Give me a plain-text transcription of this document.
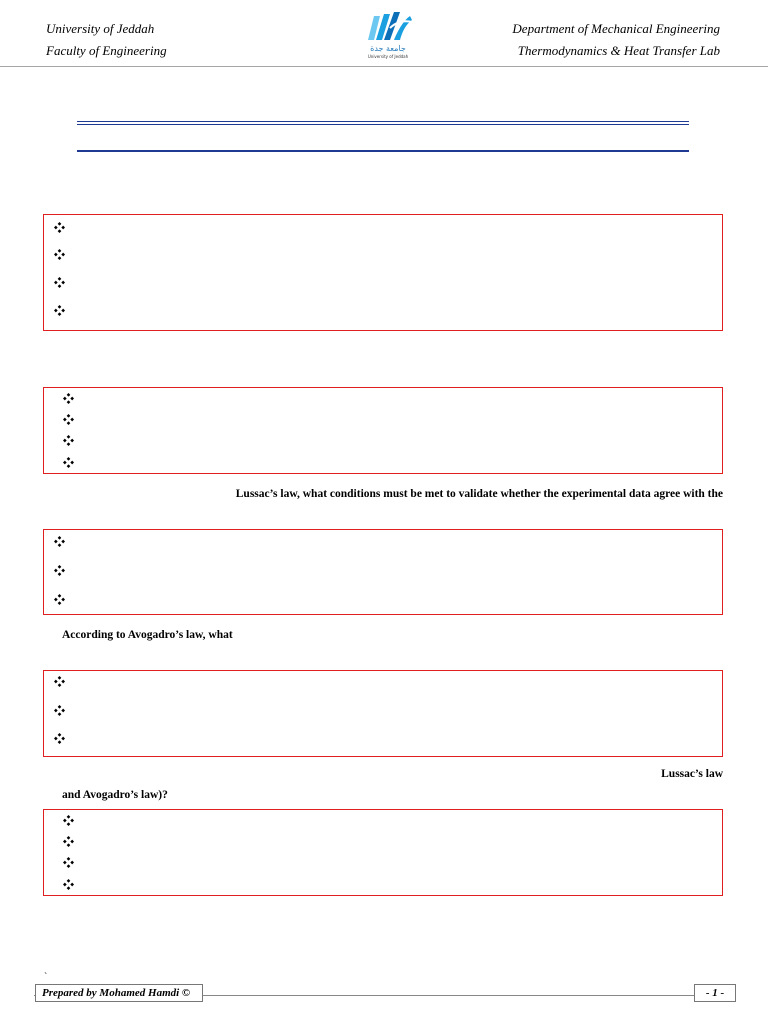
University of Jeddah
Faculty of Engineering	جامعة جدة
University of Jeddah
Department of Mechanical Engineering
Thermodynamics & Heat Transfer Lab
Lussac’s law, what conditions must be met to validate whether the experimental data agree with the
According to Avogadro’s law, what
Lussac’s law
and Avogadro’s law)?
`
Prepared by Mohamed Hamdi ©	- 1 -
